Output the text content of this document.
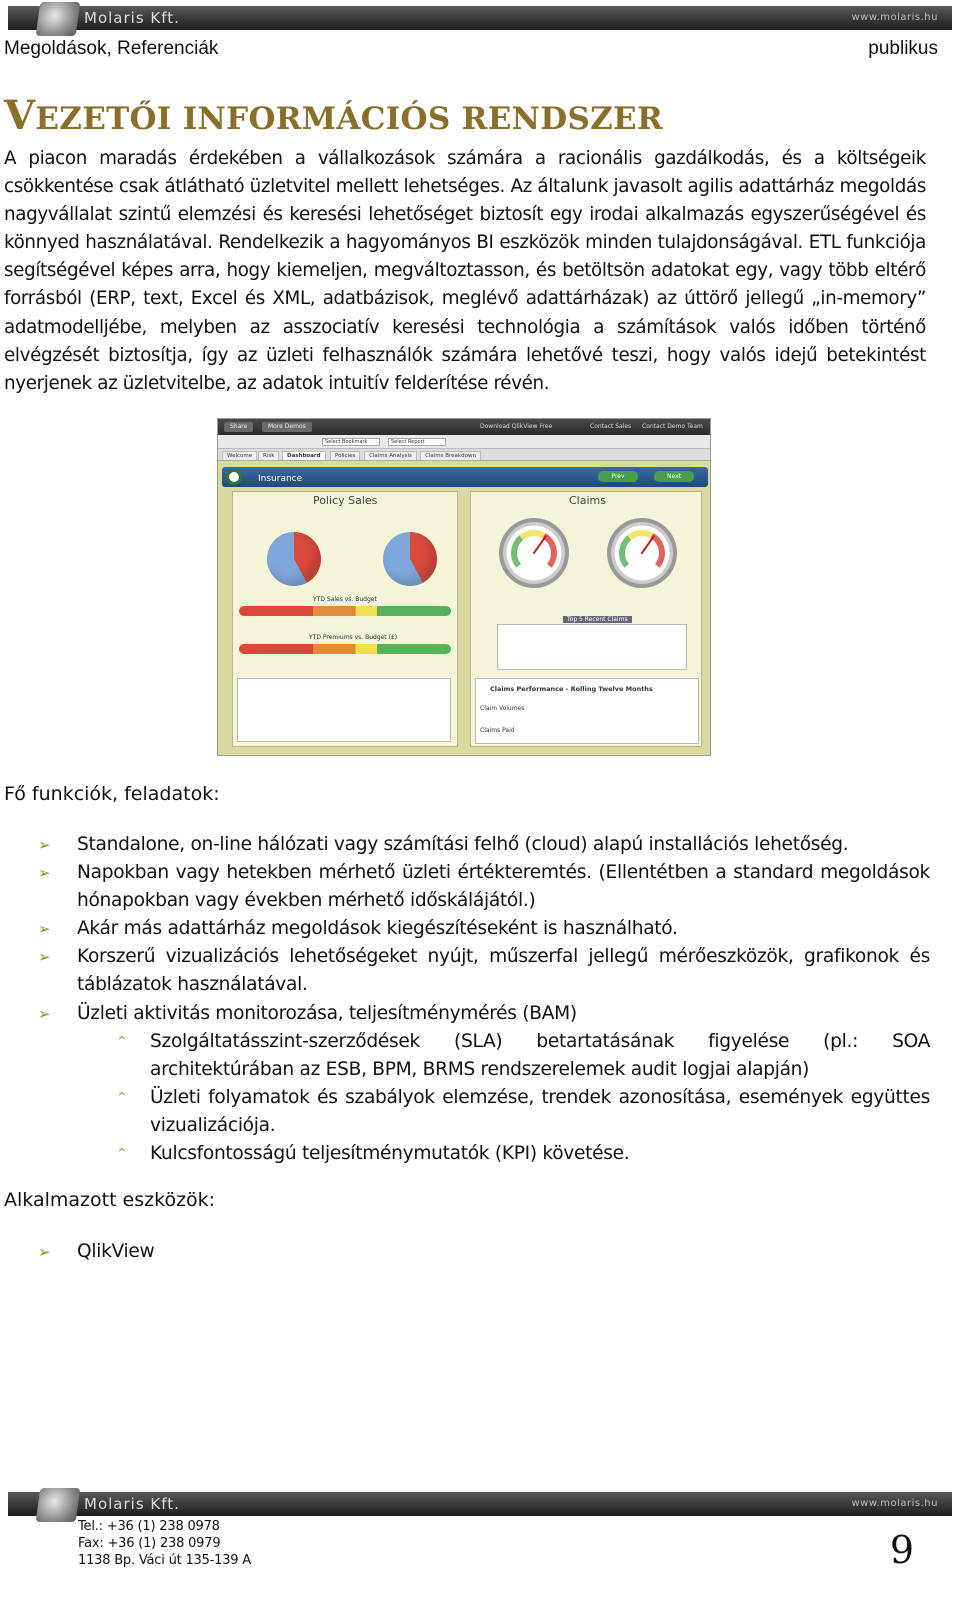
Molaris Kft.	www.molaris.hu
Megoldások, Referenciák	publikus
VEZETŐI INFORMÁCIÓS RENDSZER

A piacon maradás érdekében a vállalkozások számára a racionális gazdálkodás, és a költségeik csökkentése csak átlátható üzletvitel mellett lehetséges. Az általunk javasolt agilis adattárház megoldás nagyvállalat szintű elemzési és keresési lehetőséget biztosít egy irodai alkalmazás egyszerűségével és könnyed használatával. Rendelkezik a hagyományos BI eszközök minden tulajdonságával. ETL funkciója segítségével képes arra, hogy kiemeljen, megváltoztasson, és betöltsön adatokat egy, vagy több eltérő forrásból (ERP, text, Excel és XML, adatbázisok, meglévő adattárházak) az úttörő jellegű „in-memory” adatmodelljébe, melyben az asszociatív keresési technológia a számítások valós időben történő elvégzését biztosítja, így az üzleti felhasználók számára lehetővé teszi, hogy valós idejű betekintést nyerjenek az üzletvitelbe, az adatok intuitív felderítése révén.

Share	More Demos	Download QlikView Free	Contact Sales Contact Demo Team
Select Bookmark	Select Report
Welcome	Risk	Dashboard	Policies	Claims Analysis	Claims Breakdown
Insurance	Prev	Next
Policy Sales
YTD Sales vs. Budget
YTD Premiums vs. Budget (£)
Claims
Top 5 Recent Claims
Claims Performance - Rolling Twelve Months
Claim Volumes
Claims Paid
Fő funkciók, feladatok:
➢ Standalone, on-line hálózati vagy számítási felhő (cloud) alapú installációs lehetőség.
➢ Napokban vagy hetekben mérhető üzleti értékteremtés. (Ellentétben a standard megoldások hónapokban vagy években mérhető időskálájától.)
➢ Akár más adattárház megoldások kiegészítéseként is használható.
➢ Korszerű vizualizációs lehetőségeket nyújt, műszerfal jellegű mérőeszközök, grafikonok és táblázatok használatával.
➢ Üzleti aktivitás monitorozása, teljesítménymérés (BAM)
⌃ Szolgáltatásszint-szerződések (SLA) betartatásának figyelése (pl.: SOA architektúrában az ESB, BPM, BRMS rendszerelemek audit logjai alapján)
⌃ Üzleti folyamatok és szabályok elemzése, trendek azonosítása, események együttes vizualizációja.
⌃ Kulcsfontosságú teljesítménymutatók (KPI) követése.
Alkalmazott eszközök:
➢ QlikView
Molaris Kft.	www.molaris.hu
Tel.: +36 (1) 238 0978
Fax: +36 (1) 238 0979
1138 Bp. Váci út 135-139 A	9
